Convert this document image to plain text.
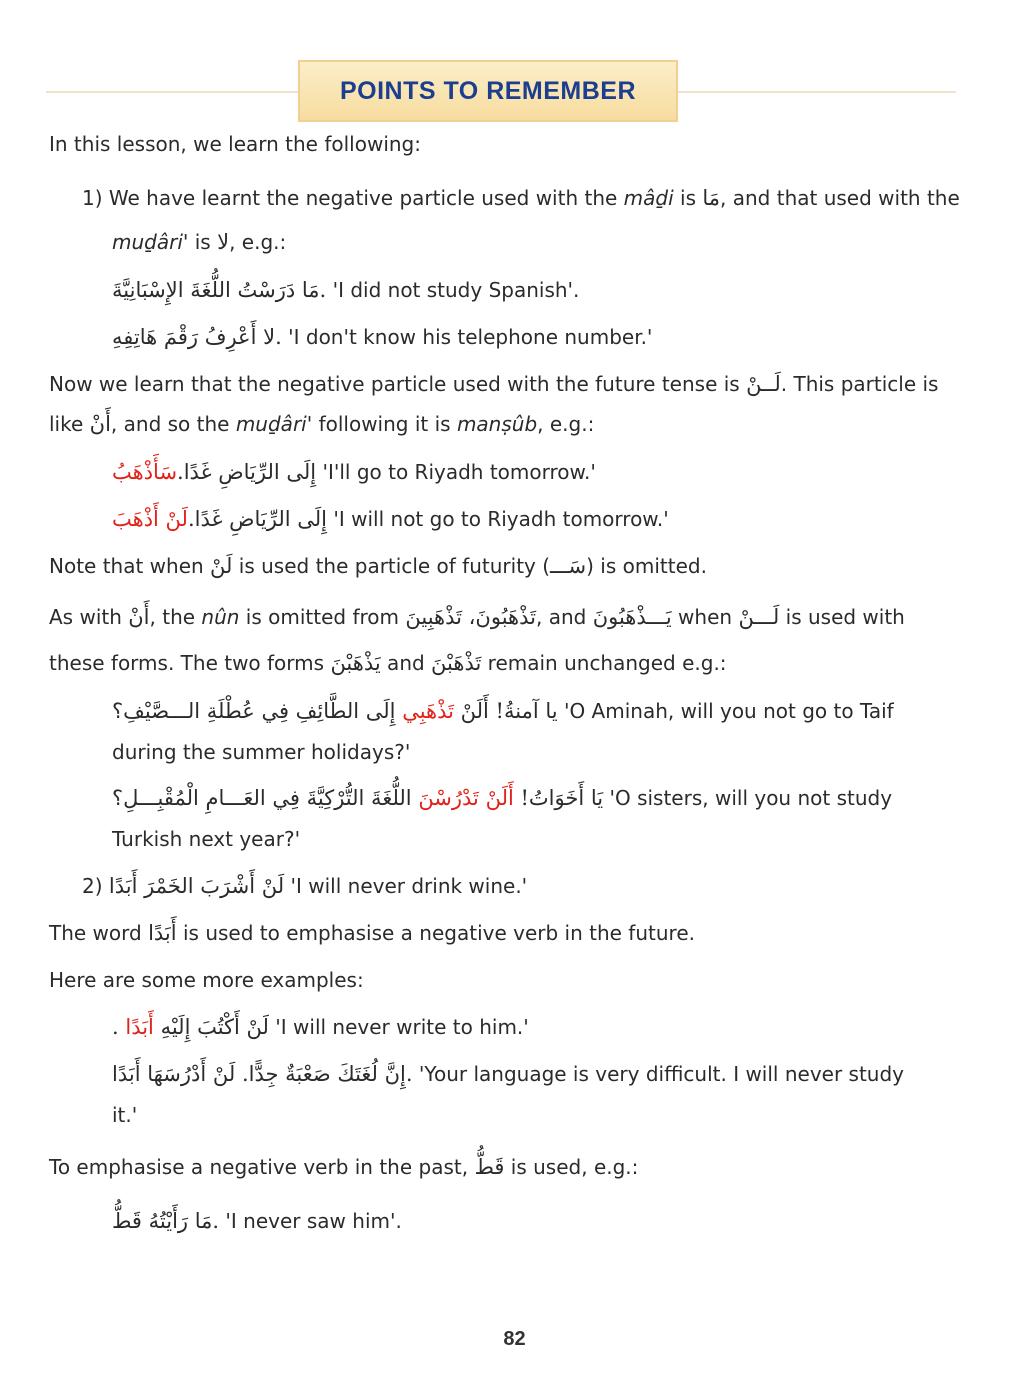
POINTS TO REMEMBER
In this lesson, we learn the following:
1) We have learnt the negative particle used with the mâḏi is مَا, and that used with the
muḏâri' is لا, e.g.:
.مَا دَرَسْتُ اللُّغَةَ الإِسْبَانِيَّةَ 'I did not study Spanish'.
.لا أَعْرِفُ رَقْمَ هَاتِفِهِ 'I don't know his telephone number.'
Now we learn that the negative particle used with the future tense is لَــنْ. This particle is
like أَنْ, and so the muḏâri' following it is manṣûb, e.g.:
إِلَى الرِّيَاضِ غَدًا.سَأَذْهَبُ	'I'll go to Riyadh tomorrow.'
إِلَى الرِّيَاضِ غَدًا.لَنْ أَذْهَبَ	'I will not go to Riyadh tomorrow.'
Note that when لَنْ is used the particle of futurity (سَـــ) is omitted.
As with أَنْ, the nûn is omitted from تَذْهَبُونَ، تَذْهَبِينَ, and يَـــذْهَبُونَ when لَـــنْ is used with
these forms. The two forms يَذْهَبْنَ and تَذْهَبْنَ remain unchanged e.g.:
يا آمنةُ! أَلَنْ تَذْهَبِي إِلَى الطَّائِفِ فِي عُطْلَةِ الـــصَّيْفِ؟	'O Aminah, will you not go to Taif
during the summer holidays?'
يَا أَخَوَاتُ! أَلَنْ تَدْرُسْنَ اللُّغَةَ التُّرْكِيَّةَ فِي العَـــامِ الْمُقْبِـــلِ؟	'O sisters, will you not study
Turkish next year?'
2) لَنْ أَشْرَبَ الخَمْرَ أَبَدًا 'I will never drink wine.'
The word أَبَدًا is used to emphasise a negative verb in the future.
Here are some more examples:
لَنْ أَكْتُبَ إِلَيْهِ أَبَدًا .	'I will never write to him.'
.إِنَّ لُغَتَكَ صَعْبَةٌ جِدًّا. لَنْ أَدْرُسَهَا أَبَدًا 'Your language is very difficult. I will never study
it.'
To emphasise a negative verb in the past, قَطُّ is used, e.g.:
.مَا رَأَيْتُهُ قَطُّ 'I never saw him'.
82
